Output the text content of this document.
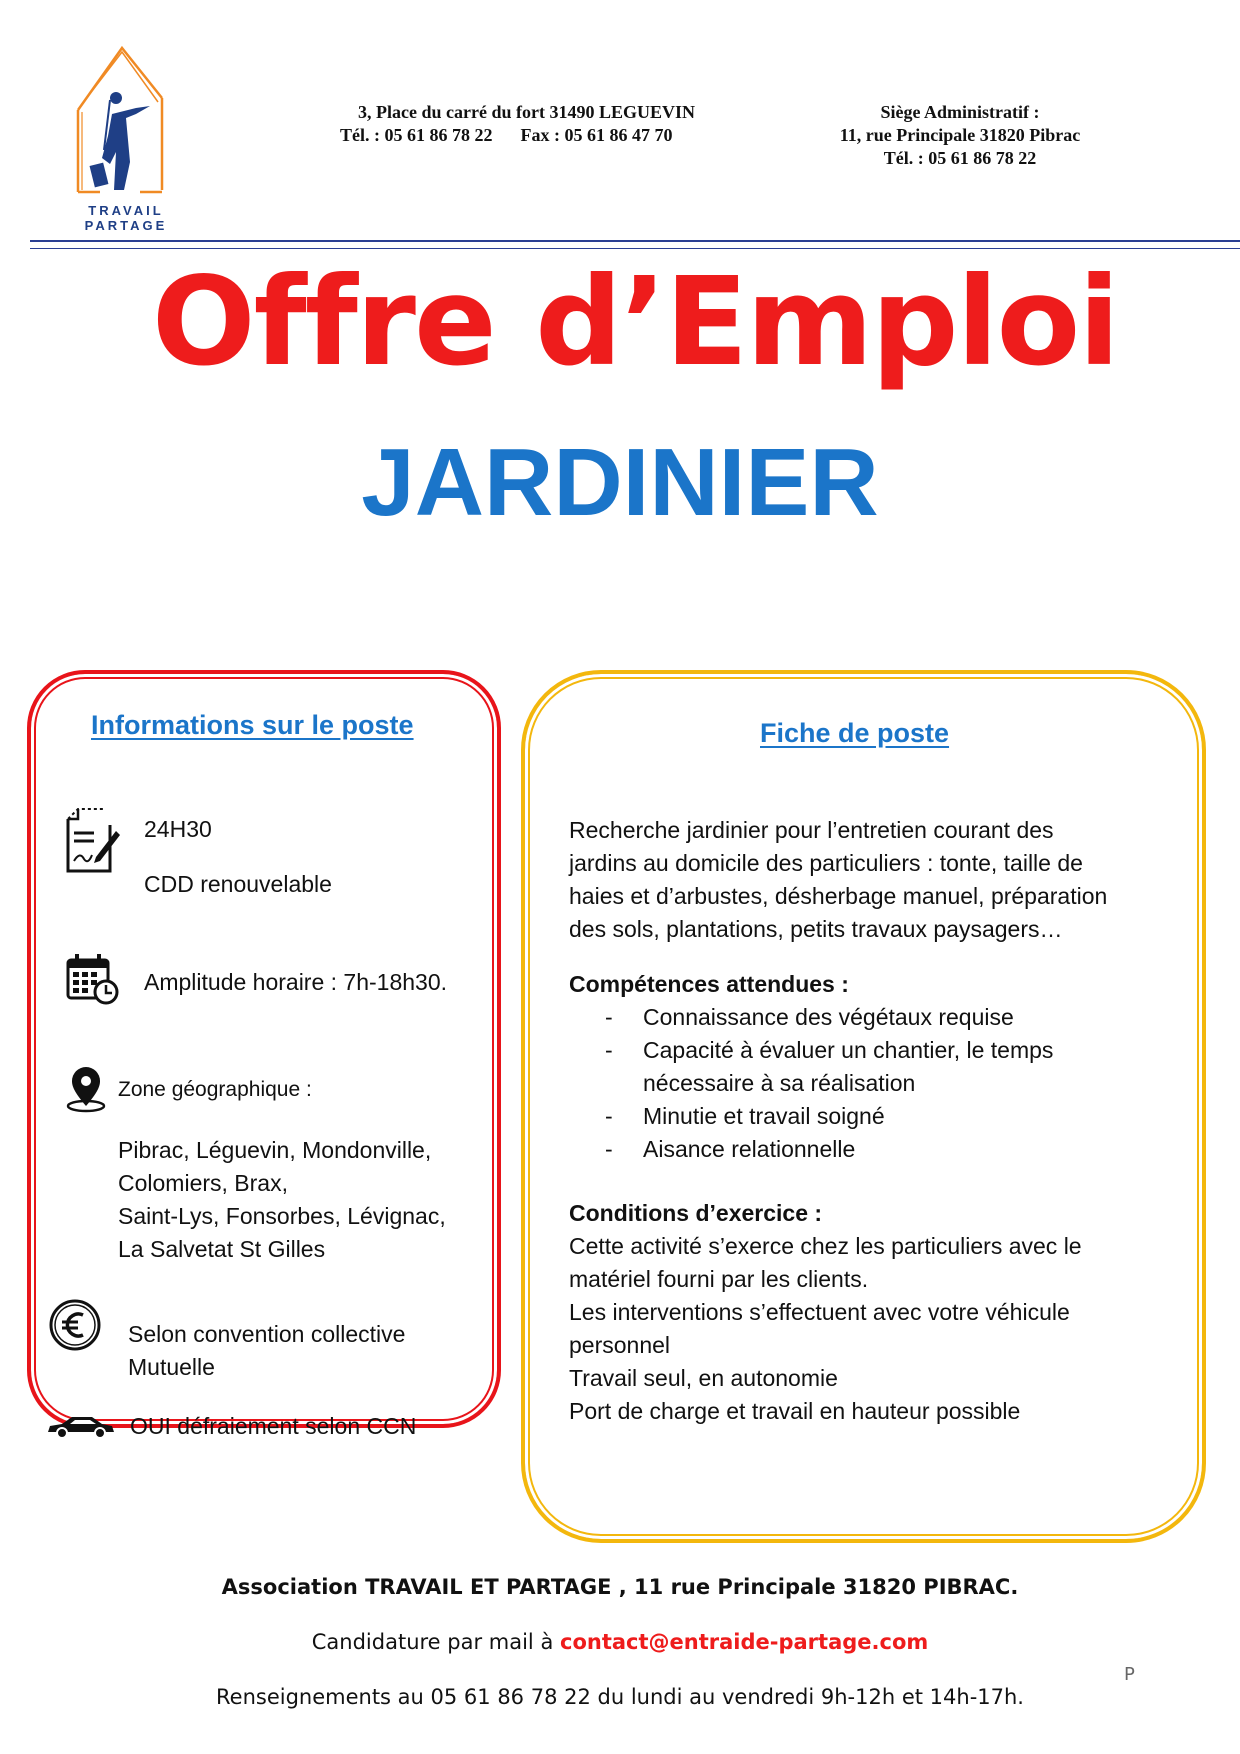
TRAVAIL
PARTAGE
3, Place du carré du fort 31490 LEGUEVIN
Tél. : 05 61 86 78 22 Fax : 05 61 86 47 70
Siège Administratif :
11, rue Principale 31820 Pibrac
Tél. : 05 61 86 78 22
Offre d’Emploi
JARDINIER
Informations sur le poste
24H30
CDD renouvelable
Amplitude horaire : 7h-18h30.
Zone géographique :
Pibrac, Léguevin, Mondonville,
Colomiers, Brax,
Saint-Lys, Fonsorbes, Lévignac,
La Salvetat St Gilles
Selon convention collective
Mutuelle
OUI défraiement selon CCN
Fiche de poste
Recherche jardinier pour l’entretien courant des
jardins au domicile des particuliers : tonte, taille de
haies et d’arbustes, désherbage manuel, préparation
des sols, plantations, petits travaux paysagers…
Compétences attendues :
- Connaissance des végétaux requise
- Capacité à évaluer un chantier, le temps
nécessaire à sa réalisation
- Minutie et travail soigné
- Aisance relationnelle
Conditions d’exercice :
Cette activité s’exerce chez les particuliers avec le
matériel fourni par les clients.
Les interventions s’effectuent avec votre véhicule
personnel
Travail seul, en autonomie
Port de charge et travail en hauteur possible
Association TRAVAIL ET PARTAGE , 11 rue Principale 31820 PIBRAC.
Candidature par mail à contact@entraide-partage.com
Renseignements au 05 61 86 78 22 du lundi au vendredi 9h-12h et 14h-17h.
P
